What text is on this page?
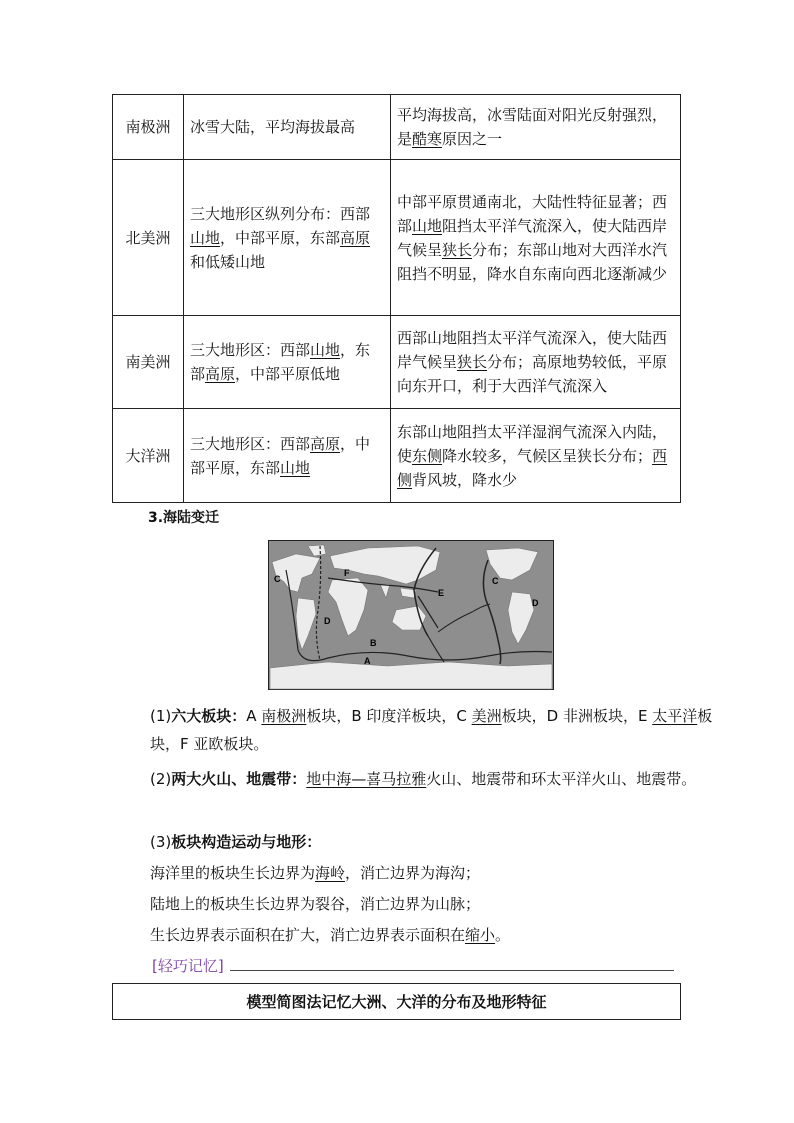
南极洲	冰雪大陆，平均海拔最高	平均海拔高，冰雪陆面对阳光反射强烈，是酷寒原因之一
北美洲	三大地形区纵列分布：西部山地，中部平原，东部高原和低矮山地	中部平原贯通南北，大陆性特征显著；西部山地阻挡太平洋气流深入，使大陆西岸气候呈狭长分布；东部山地对大西洋水汽阻挡不明显，降水自东南向西北逐渐减少
南美洲	三大地形区：西部山地，东部高原，中部平原低地	西部山地阻挡太平洋气流深入，使大陆西岸气候呈狭长分布；高原地势较低，平原向东开口，利于大西洋气流深入
大洋洲	三大地形区：西部高原，中部平原，东部山地	东部山地阻挡太平洋湿润气流深入内陆，使东侧降水较多，气候区呈狭长分布；西侧背风坡，降水少
3.海陆变迁
C
F
D
B
A
E
C
D
(1)六大板块：A 南极洲板块，B 印度洋板块，C 美洲板块，D 非洲板块，E 太平洋板块，F 亚欧板块。
(2)两大火山、地震带：地中海—喜马拉雅火山、地震带和环太平洋火山、地震带。
(3)板块构造运动与地形：
海洋里的板块生长边界为海岭，消亡边界为海沟；
陆地上的板块生长边界为裂谷，消亡边界为山脉；
生长边界表示面积在扩大，消亡边界表示面积在缩小。
[轻巧记忆]
模型简图法记忆大洲、大洋的分布及地形特征
